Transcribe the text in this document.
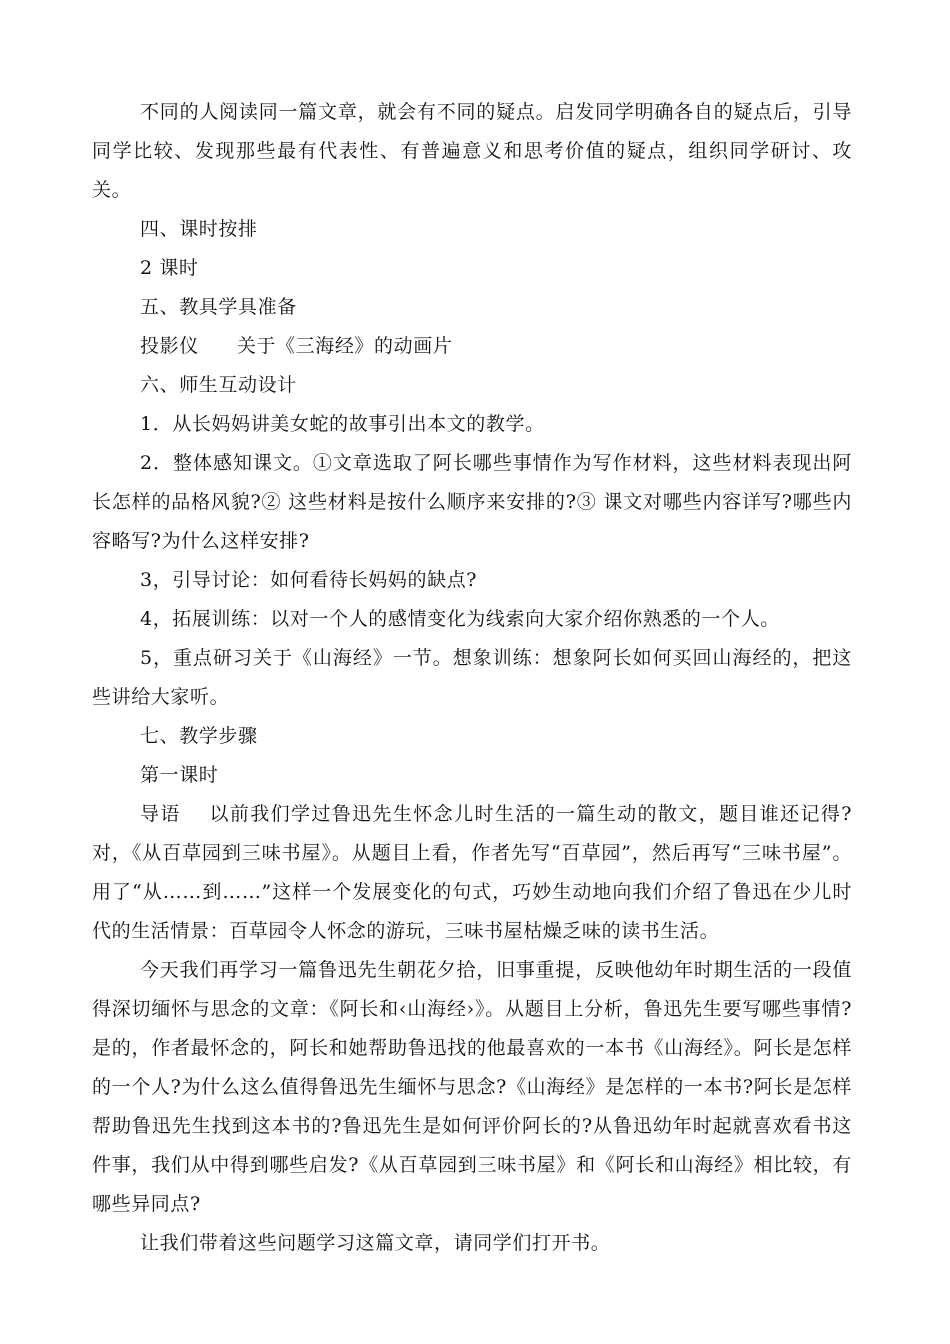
不同的人阅读同一篇文章，就会有不同的疑点。启发同学明确各自的疑点后，引导同学比较、发现那些最有代表性、有普遍意义和思考价值的疑点，组织同学研讨、攻关。

四、课时按排

2 课时

五、教具学具准备

投影仪 关于《三海经》的动画片

六、师生互动设计

1．从长妈妈讲美女蛇的故事引出本文的教学。

2．整体感知课文。①文章选取了阿长哪些事情作为写作材料，这些材料表现出阿长怎样的品格风貌?② 这些材料是按什么顺序来安排的?③ 课文对哪些内容详写?哪些内容略写?为什么这样安排?

3，引导讨论：如何看待长妈妈的缺点?

4，拓展训练：以对一个人的感情变化为线索向大家介绍你熟悉的一个人。

5，重点研习关于《山海经》一节。想象训练：想象阿长如何买回山海经的，把这些讲给大家听。

七、教学步骤

第一课时

导语 以前我们学过鲁迅先生怀念儿时生活的一篇生动的散文，题目谁还记得?对，《从百草园到三味书屋》。从题目上看，作者先写“百草园”，然后再写“三味书屋”。用了“从……到……”这样一个发展变化的句式，巧妙生动地向我们介绍了鲁迅在少儿时代的生活情景：百草园令人怀念的游玩，三味书屋枯燥乏味的读书生活。

今天我们再学习一篇鲁迅先生朝花夕拾，旧事重提，反映他幼年时期生活的一段值得深切缅怀与思念的文章：《阿长和‹山海经›》。从题目上分析，鲁迅先生要写哪些事情?是的，作者最怀念的，阿长和她帮助鲁迅找的他最喜欢的一本书《山海经》。阿长是怎样的一个人?为什么这么值得鲁迅先生缅怀与思念?《山海经》是怎样的一本书?阿长是怎样帮助鲁迅先生找到这本书的?鲁迅先生是如何评价阿长的?从鲁迅幼年时起就喜欢看书这件事，我们从中得到哪些启发?《从百草园到三味书屋》和《阿长和山海经》相比较，有哪些异同点?

让我们带着这些问题学习这篇文章，请同学们打开书。
